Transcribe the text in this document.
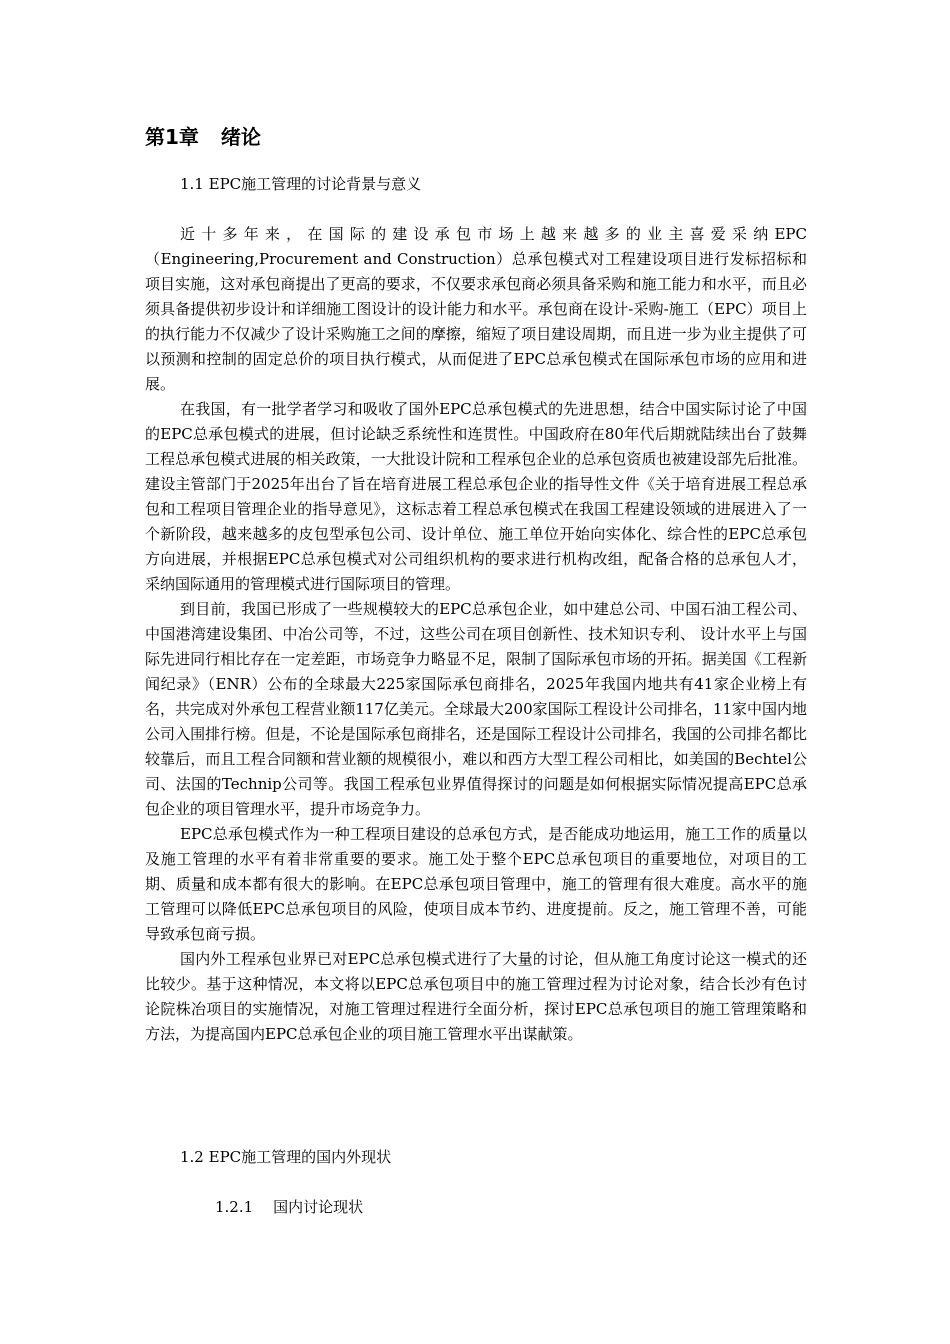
第1章 绪论
1.1 EPC施工管理的讨论背景与意义

近十多年来，在国际的建设承包市场上越来越多的业主喜爱采纳EPC（Engineering,Procurement and Construction）总承包模式对工程建设项目进行发标招标和项目实施，这对承包商提出了更高的要求，不仅要求承包商必须具备采购和施工能力和水平，而且必须具备提供初步设计和详细施工图设计的设计能力和水平。承包商在设计-采购-施工（EPC）项目上的执行能力不仅减少了设计采购施工之间的摩擦，缩短了项目建设周期，而且进一步为业主提供了可以预测和控制的固定总价的项目执行模式，从而促进了EPC总承包模式在国际承包市场的应用和进展。

在我国，有一批学者学习和吸收了国外EPC总承包模式的先进思想，结合中国实际讨论了中国的EPC总承包模式的进展，但讨论缺乏系统性和连贯性。中国政府在80年代后期就陆续出台了鼓舞工程总承包模式进展的相关政策，一大批设计院和工程承包企业的总承包资质也被建设部先后批准。建设主管部门于2025年出台了旨在培育进展工程总承包企业的指导性文件《关于培育进展工程总承包和工程项目管理企业的指导意见》，这标志着工程总承包模式在我国工程建设领域的进展进入了一个新阶段，越来越多的皮包型承包公司、设计单位、施工单位开始向实体化、综合性的EPC总承包方向进展，并根据EPC总承包模式对公司组织机构的要求进行机构改组，配备合格的总承包人才，采纳国际通用的管理模式进行国际项目的管理。

到目前，我国已形成了一些规模较大的EPC总承包企业，如中建总公司、中国石油工程公司、中国港湾建设集团、中冶公司等，不过，这些公司在项目创新性、技术知识专利、 设计水平上与国际先进同行相比存在一定差距，市场竞争力略显不足，限制了国际承包市场的开拓。据美国《工程新闻纪录》（ENR）公布的全球最大225家国际承包商排名，2025年我国内地共有41家企业榜上有名，共完成对外承包工程营业额117亿美元。全球最大200家国际工程设计公司排名，11家中国内地公司入围排行榜。但是，不论是国际承包商排名，还是国际工程设计公司排名，我国的公司排名都比较靠后，而且工程合同额和营业额的规模很小，难以和西方大型工程公司相比，如美国的Bechtel公司、法国的Technip公司等。我国工程承包业界值得探讨的问题是如何根据实际情况提高EPC总承包企业的项目管理水平，提升市场竞争力。

EPC总承包模式作为一种工程项目建设的总承包方式，是否能成功地运用，施工工作的质量以及施工管理的水平有着非常重要的要求。施工处于整个EPC总承包项目的重要地位，对项目的工期、质量和成本都有很大的影响。在EPC总承包项目管理中，施工的管理有很大难度。高水平的施工管理可以降低EPC总承包项目的风险，使项目成本节约、进度提前。反之，施工管理不善，可能导致承包商亏损。

国内外工程承包业界已对EPC总承包模式进行了大量的讨论，但从施工角度讨论这一模式的还比较少。基于这种情况，本文将以EPC总承包项目中的施工管理过程为讨论对象，结合长沙有色讨论院株冶项目的实施情况，对施工管理过程进行全面分析，探讨EPC总承包项目的施工管理策略和方法，为提高国内EPC总承包企业的项目施工管理水平出谋献策。

1.2 EPC施工管理的国内外现状
1.2.1 国内讨论现状
